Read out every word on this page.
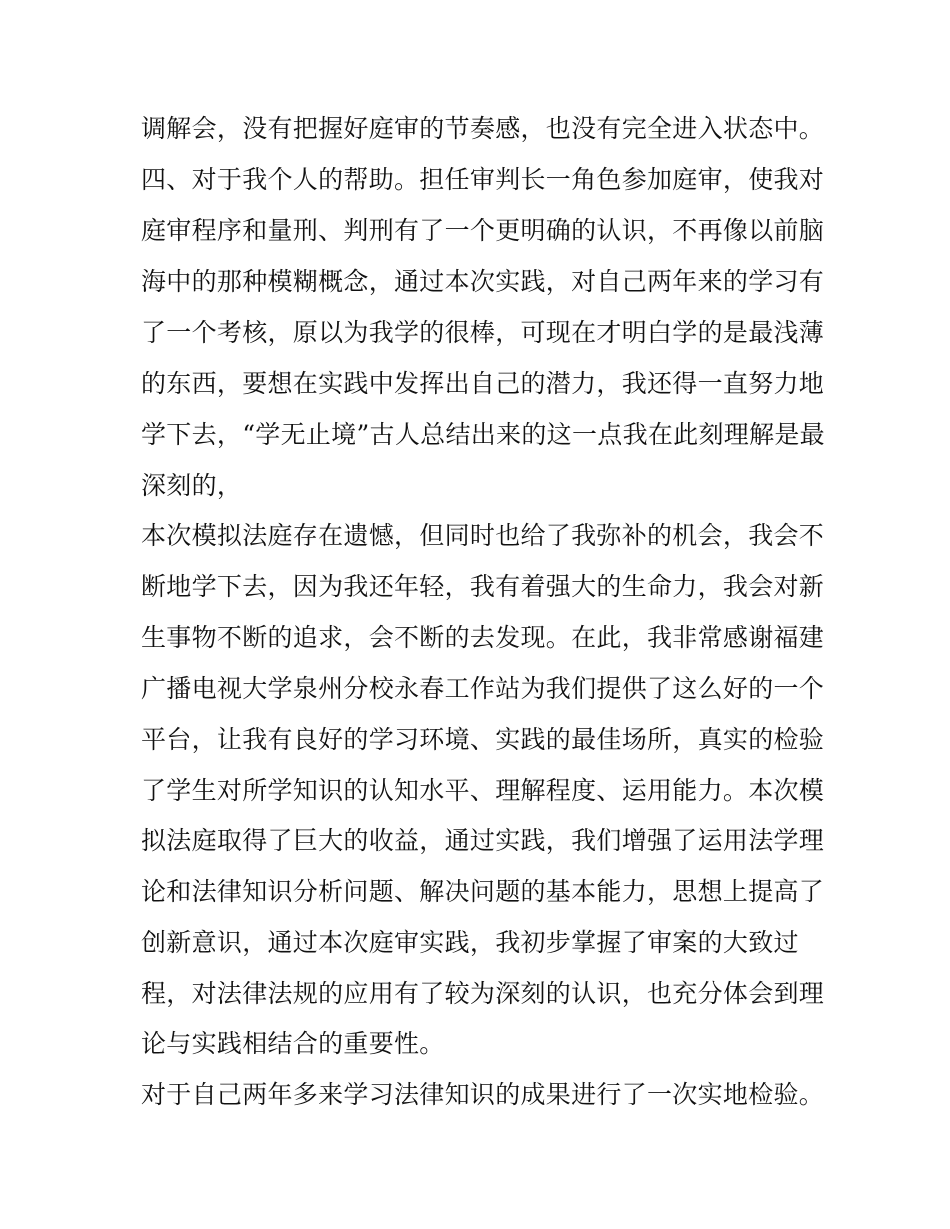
调解会，没有把握好庭审的节奏感，也没有完全进入状态中。
四、对于我个人的帮助。担任审判长一角色参加庭审，使我对
庭审程序和量刑、判刑有了一个更明确的认识，不再像以前脑
海中的那种模糊概念，通过本次实践，对自己两年来的学习有
了一个考核，原以为我学的很棒，可现在才明白学的是最浅薄
的东西，要想在实践中发挥出自己的潜力，我还得一直努力地
学下去，“学无止境”古人总结出来的这一点我在此刻理解是最
深刻的，
本次模拟法庭存在遗憾，但同时也给了我弥补的机会，我会不
断地学下去，因为我还年轻，我有着强大的生命力，我会对新
生事物不断的追求，会不断的去发现。在此，我非常感谢福建
广播电视大学泉州分校永春工作站为我们提供了这么好的一个
平台，让我有良好的学习环境、实践的最佳场所，真实的检验
了学生对所学知识的认知水平、理解程度、运用能力。本次模
拟法庭取得了巨大的收益，通过实践，我们增强了运用法学理
论和法律知识分析问题、解决问题的基本能力，思想上提高了
创新意识，通过本次庭审实践，我初步掌握了审案的大致过
程，对法律法规的应用有了较为深刻的认识，也充分体会到理
论与实践相结合的重要性。
对于自己两年多来学习法律知识的成果进行了一次实地检验。
